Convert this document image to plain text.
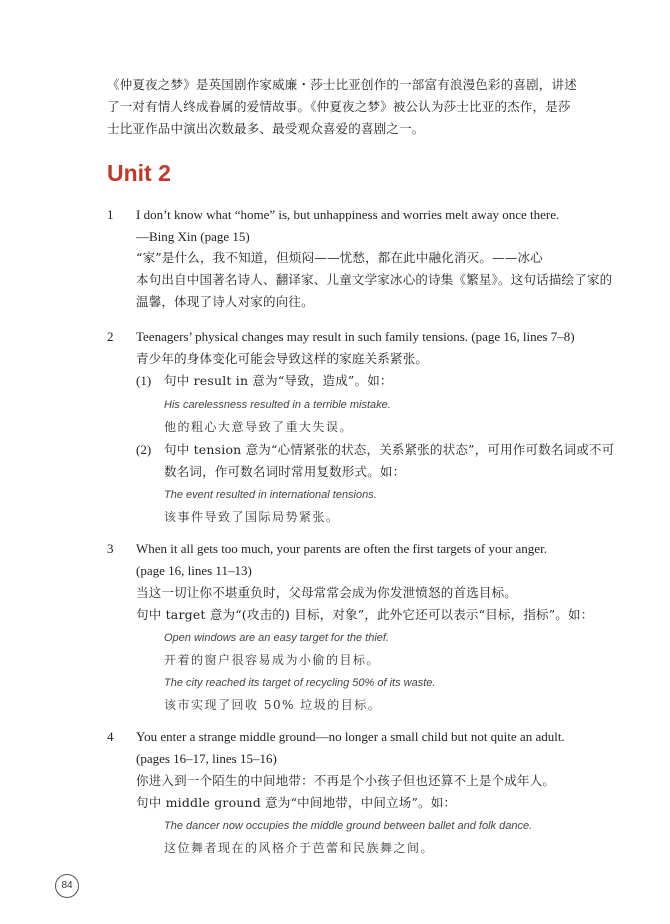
《仲夏夜之梦》是英国剧作家威廉・莎士比亚创作的一部富有浪漫色彩的喜剧，讲述
了一对有情人终成眷属的爱情故事。《仲夏夜之梦》被公认为莎士比亚的杰作，是莎
士比亚作品中演出次数最多、最受观众喜爱的喜剧之一。
Unit 2
1 I don’t know what “home” is, but unhappiness and worries melt away once there.
—Bing Xin (page 15)
“家”是什么，我不知道，但烦闷——忧愁，都在此中融化消灭。——冰心
本句出自中国著名诗人、翻译家、儿童文学家冰心的诗集《繁星》。这句话描绘了家的
温馨，体现了诗人对家的向往。
2 Teenagers’ physical changes may result in such family tensions. (page 16, lines 7–8)
青少年的身体变化可能会导致这样的家庭关系紧张。
(1) 句中 result in 意为“导致，造成”。如：
His carelessness resulted in a terrible mistake.
他的粗心大意导致了重大失误。
(2) 句中 tension 意为“心情紧张的状态，关系紧张的状态”，可用作可数名词或不可
数名词，作可数名词时常用复数形式。如：
The event resulted in international tensions.
该事件导致了国际局势紧张。
3 When it all gets too much, your parents are often the first targets of your anger.
(page 16, lines 11–13)
当这一切让你不堪重负时，父母常常会成为你发泄愤怒的首选目标。
句中 target 意为“(攻击的) 目标，对象”，此外它还可以表示“目标，指标”。如：
Open windows are an easy target for the thief.
开着的窗户很容易成为小偷的目标。
The city reached its target of recycling 50% of its waste.
该市实现了回收 50% 垃圾的目标。
4 You enter a strange middle ground—no longer a small child but not quite an adult.
(pages 16–17, lines 15–16)
你进入到一个陌生的中间地带：不再是个小孩子但也还算不上是个成年人。
句中 middle ground 意为“中间地带，中间立场”。如：
The dancer now occupies the middle ground between ballet and folk dance.
这位舞者现在的风格介于芭蕾和民族舞之间。
84
